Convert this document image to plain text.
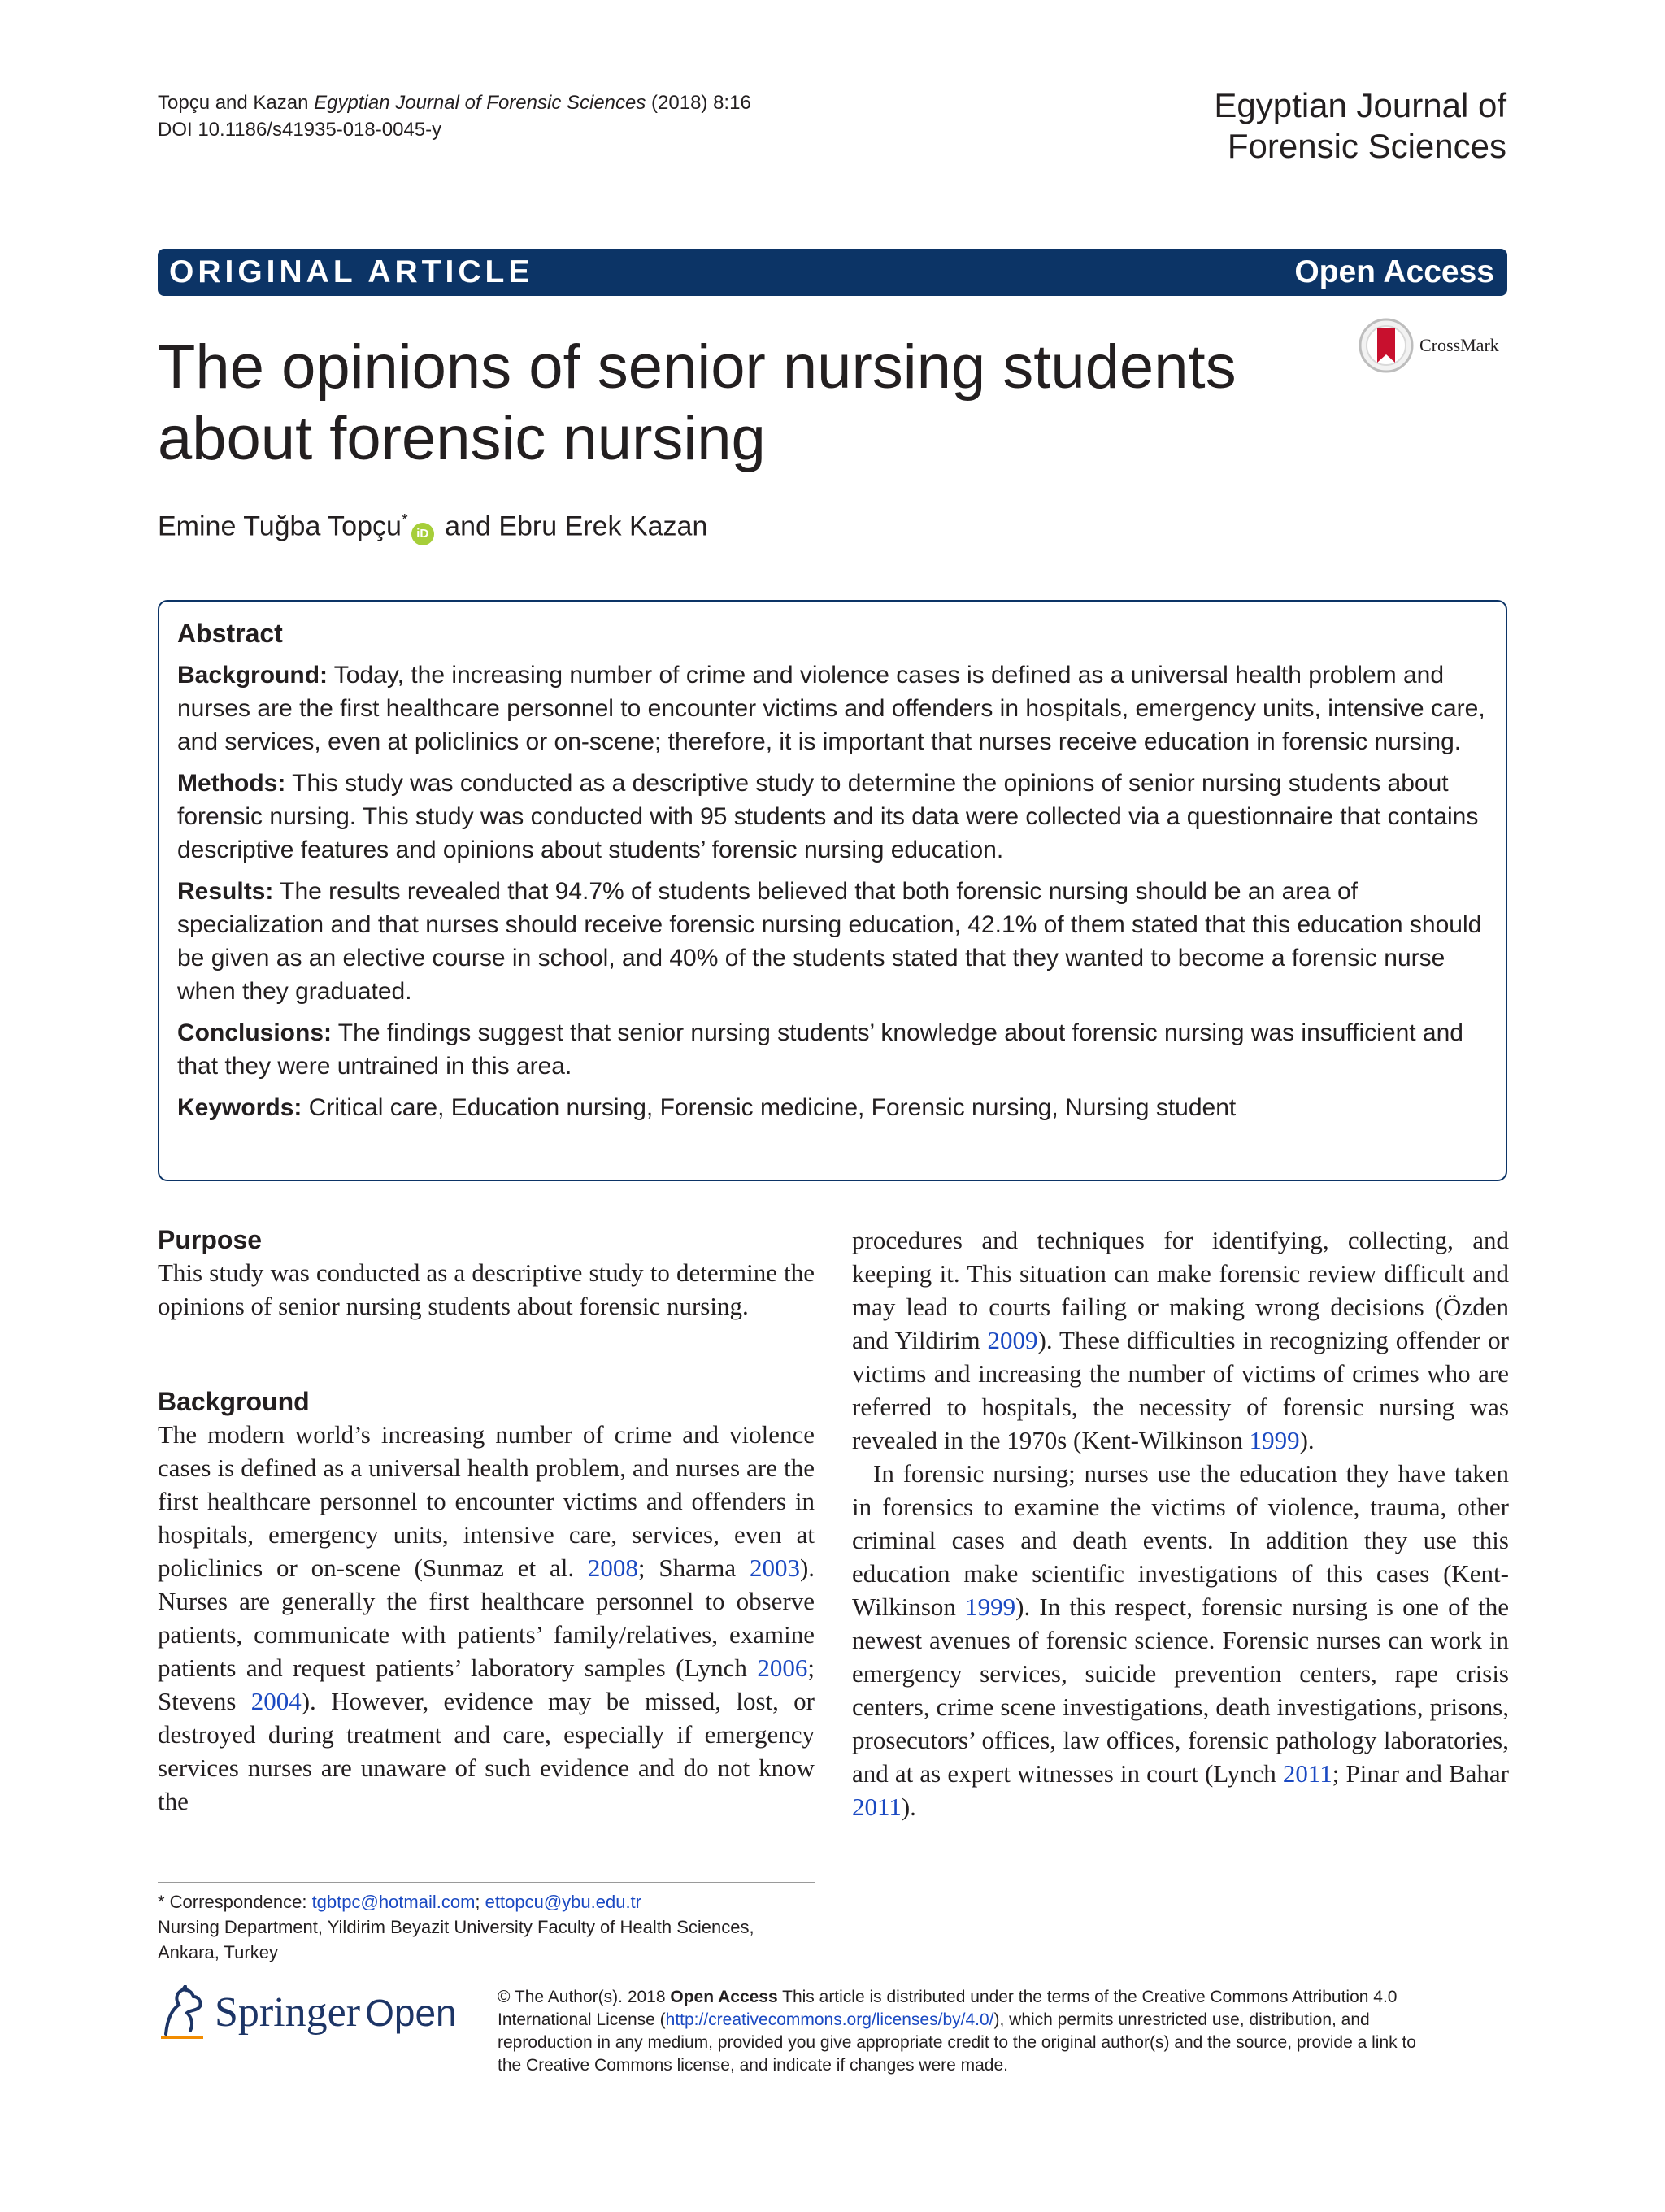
Topçu and Kazan Egyptian Journal of Forensic Sciences (2018) 8:16
DOI 10.1186/s41935-018-0045-y
Egyptian Journal of
Forensic Sciences
ORIGINAL ARTICLE	Open Access
The opinions of senior nursing students
about forensic nursing
CrossMark
Emine Tuğba Topçu*iD and Ebru Erek Kazan
Abstract

Background: Today, the increasing number of crime and violence cases is defined as a universal health problem and nurses are the first healthcare personnel to encounter victims and offenders in hospitals, emergency units, intensive care, and services, even at policlinics or on-scene; therefore, it is important that nurses receive education in forensic nursing.

Methods: This study was conducted as a descriptive study to determine the opinions of senior nursing students about forensic nursing. This study was conducted with 95 students and its data were collected via a questionnaire that contains descriptive features and opinions about students’ forensic nursing education.

Results: The results revealed that 94.7% of students believed that both forensic nursing should be an area of specialization and that nurses should receive forensic nursing education, 42.1% of them stated that this education should be given as an elective course in school, and 40% of the students stated that they wanted to become a forensic nurse when they graduated.

Conclusions: The findings suggest that senior nursing students’ knowledge about forensic nursing was insufficient and that they were untrained in this area.

Keywords: Critical care, Education nursing, Forensic medicine, Forensic nursing, Nursing student

Purpose

This study was conducted as a descriptive study to determine the opinions of senior nursing students about forensic nursing.

Background

The modern world’s increasing number of crime and violence cases is defined as a universal health problem, and nurses are the first healthcare personnel to encounter victims and offenders in hospitals, emergency units, intensive care, services, even at policlinics or on-scene (Sunmaz et al. 2008; Sharma 2003). Nurses are generally the first healthcare personnel to observe patients, communicate with patients’ family/relatives, examine patients and request patients’ laboratory samples (Lynch 2006; Stevens 2004). However, evidence may be missed, lost, or destroyed during treatment and care, especially if emergency services nurses are unaware of such evidence and do not know the

procedures and techniques for identifying, collecting, and keeping it. This situation can make forensic review difficult and may lead to courts failing or making wrong decisions (Özden and Yildirim 2009). These difficulties in recognizing offender or victims and increasing the number of victims of crimes who are referred to hospitals, the necessity of forensic nursing was revealed in the 1970s (Kent-Wilkinson 1999).

In forensic nursing; nurses use the education they have taken in forensics to examine the victims of violence, trauma, other criminal cases and death events. In addition they use this education make scientific investigations of this cases (Kent-Wilkinson 1999). In this respect, forensic nursing is one of the newest avenues of forensic science. Forensic nurses can work in emergency services, suicide prevention centers, rape crisis centers, crime scene investigations, death investigations, prisons, prosecutors’ offices, law offices, forensic pathology laboratories, and at as expert witnesses in court (Lynch 2011; Pinar and Bahar 2011).

* Correspondence: tgbtpc@hotmail.com; ettopcu@ybu.edu.tr
Nursing Department, Yildirim Beyazit University Faculty of Health Sciences,
Ankara, Turkey
Springer Open © The Author(s). 2018 Open Access This article is distributed under the terms of the Creative Commons Attribution 4.0 International License (http://creativecommons.org/licenses/by/4.0/), which permits unrestricted use, distribution, and reproduction in any medium, provided you give appropriate credit to the original author(s) and the source, provide a link to the Creative Commons license, and indicate if changes were made.
